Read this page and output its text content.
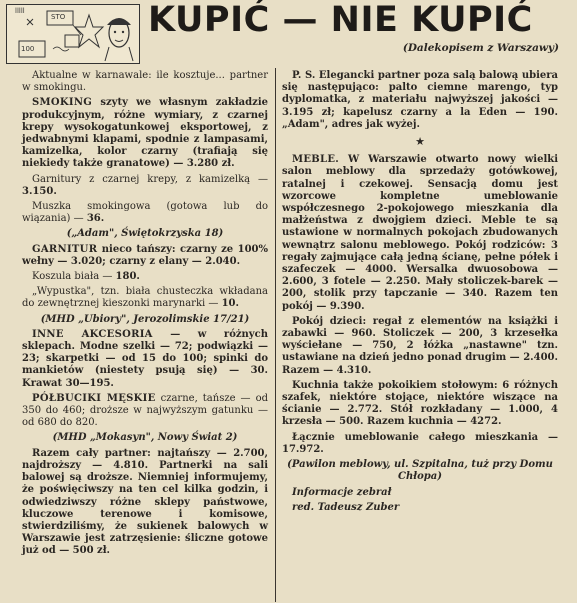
STO
100
lllll	KUPIĆ — NIE KUPIĆ
(Dalekopisem z Warszawy)

Aktualne w karnawale: ile kosztuje... partner w smokingu.

SMOKING szyty we własnym zakładzie produkcyjnym, różne wymiary, z czarnej krepy wysokogatunkowej eksportowej, z jedwabnymi klapami, spodnie z lampasami, kamizelka, kolor czarny (trafiają się niekiedy także granatowe) — 3.280 zł.

Garnitury z czarnej krepy, z kamizelką — 3.150.

Muszka smokingowa (gotowa lub do wiązania) — 36.

(„Adam", Świętokrzyska 18)

GARNITUR nieco tańszy: czarny ze 100% wełny — 3.020; czarny z elany — 2.040.

Koszula biała — 180.

„Wypustka", tzn. biała chusteczka wkładana do zewnętrznej kieszonki marynarki — 10.

(MHD „Ubiory", Jerozolimskie 17/21)

INNE AKCESORIA — w różnych sklepach. Modne szelki — 72; podwiązki — 23; skarpetki — od 15 do 100; spinki do mankietów (niestety psują się) — 30. Krawat 30—195.

PÓŁBUCIKI MĘSKIE czarne, tańsze — od 350 do 460; droższe w najwyższym gatunku — od 680 do 820.

(MHD „Mokasyn", Nowy Świat 2)

Razem cały partner: najtańszy — 2.700, najdroższy — 4.810. Partnerki na sali balowej są droższe. Niemniej informujemy, że poświęciwszy na ten cel kilka godzin, i odwiedziwszy różne sklepy państwowe, kluczowe terenowe i komisowe, stwierdziliśmy, że sukienek balowych w Warszawie jest zatrzęsienie: śliczne gotowe już od — 500 zł.

P. S. Elegancki partner poza salą balową ubiera się następująco: palto ciemne marengo, typ dyplomatka, z materiału najwyższej jakości — 3.195 zł; kapelusz czarny a la Eden — 190. „Adam", adres jak wyżej.

★

MEBLE. W Warszawie otwarto nowy wielki salon meblowy dla sprzedaży gotówkowej, ratalnej i czekowej. Sensacją domu jest wzorcowe kompletne umeblowanie współczesnego 2-pokojowego mieszkania dla małżeństwa z dwojgiem dzieci. Meble te są ustawione w normalnych pokojach zbudowanych wewnątrz salonu meblowego. Pokój rodziców: 3 regały zajmujące całą jedną ścianę, pełne półek i szafeczek — 4000. Wersalka dwuosobowa — 2.600, 3 fotele — 2.250. Mały stoliczek-barek — 200, stolik przy tapczanie — 340. Razem ten pokój — 9.390.

Pokój dzieci: regał z elementów na książki i zabawki — 960. Stoliczek — 200, 3 krzesełka wyściełane — 750, 2 łóżka „nastawne" tzn. ustawiane na dzień jedno ponad drugim — 2.400. Razem — 4.310.

Kuchnia także pokoikiem stołowym: 6 różnych szafek, niektóre stojące, niektóre wiszące na ścianie — 2.772. Stół rozkładany — 1.000, 4 krzesła — 500. Razem kuchnia — 4272.

Łącznie umeblowanie całego mieszkania — 17.972.

(Pawilon meblowy, ul. Szpitalna, tuż przy Domu Chłopa)

Informacje zebrał

red. Tadeusz Zuber
